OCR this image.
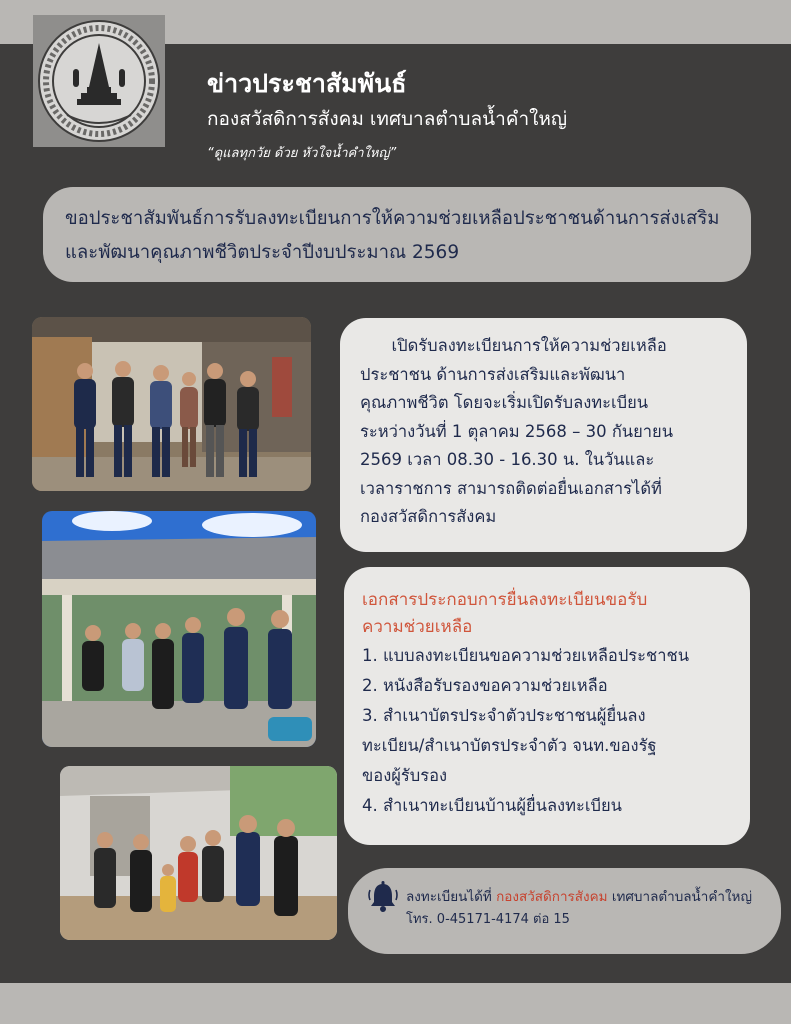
ข่าวประชาสัมพันธ์
กองสวัสดิการสังคม เทศบาลตำบลน้ำคำใหญ่
“ดูแลทุกวัย ด้วย หัวใจน้ำคำใหญ่”
ขอประชาสัมพันธ์การรับลงทะเบียนการให้ความช่วยเหลือประชาชนด้านการส่งเสริม
และพัฒนาคุณภาพชีวิตประจำปีงบประมาณ 2569
เปิดรับลงทะเบียนการให้ความช่วยเหลือ
ประชาชน ด้านการส่งเสริมและพัฒนา
คุณภาพชีวิต โดยจะเริ่มเปิดรับลงทะเบียน
ระหว่างวันที่ 1 ตุลาคม 2568 – 30 กันยายน
2569 เวลา 08.30 - 16.30 น. ในวันและ
เวลาราชการ สามารถติดต่อยื่นเอกสารได้ที่
กองสวัสดิการสังคม
เอกสารประกอบการยื่นลงทะเบียนขอรับ
ความช่วยเหลือ
1. แบบลงทะเบียนขอความช่วยเหลือประชาชน
2. หนังสือรับรองขอความช่วยเหลือ
3. สำเนาบัตรประจำตัวประชาชนผู้ยื่นลง
ทะเบียน/สำเนาบัตรประจำตัว จนท.ของรัฐ
ของผู้รับรอง
4. สำเนาทะเบียนบ้านผู้ยื่นลงทะเบียน
ลงทะเบียนได้ที่ กองสวัสดิการสังคม เทศบาลตำบลน้ำคำใหญ่
โทร. 0-45171-4174 ต่อ 15
